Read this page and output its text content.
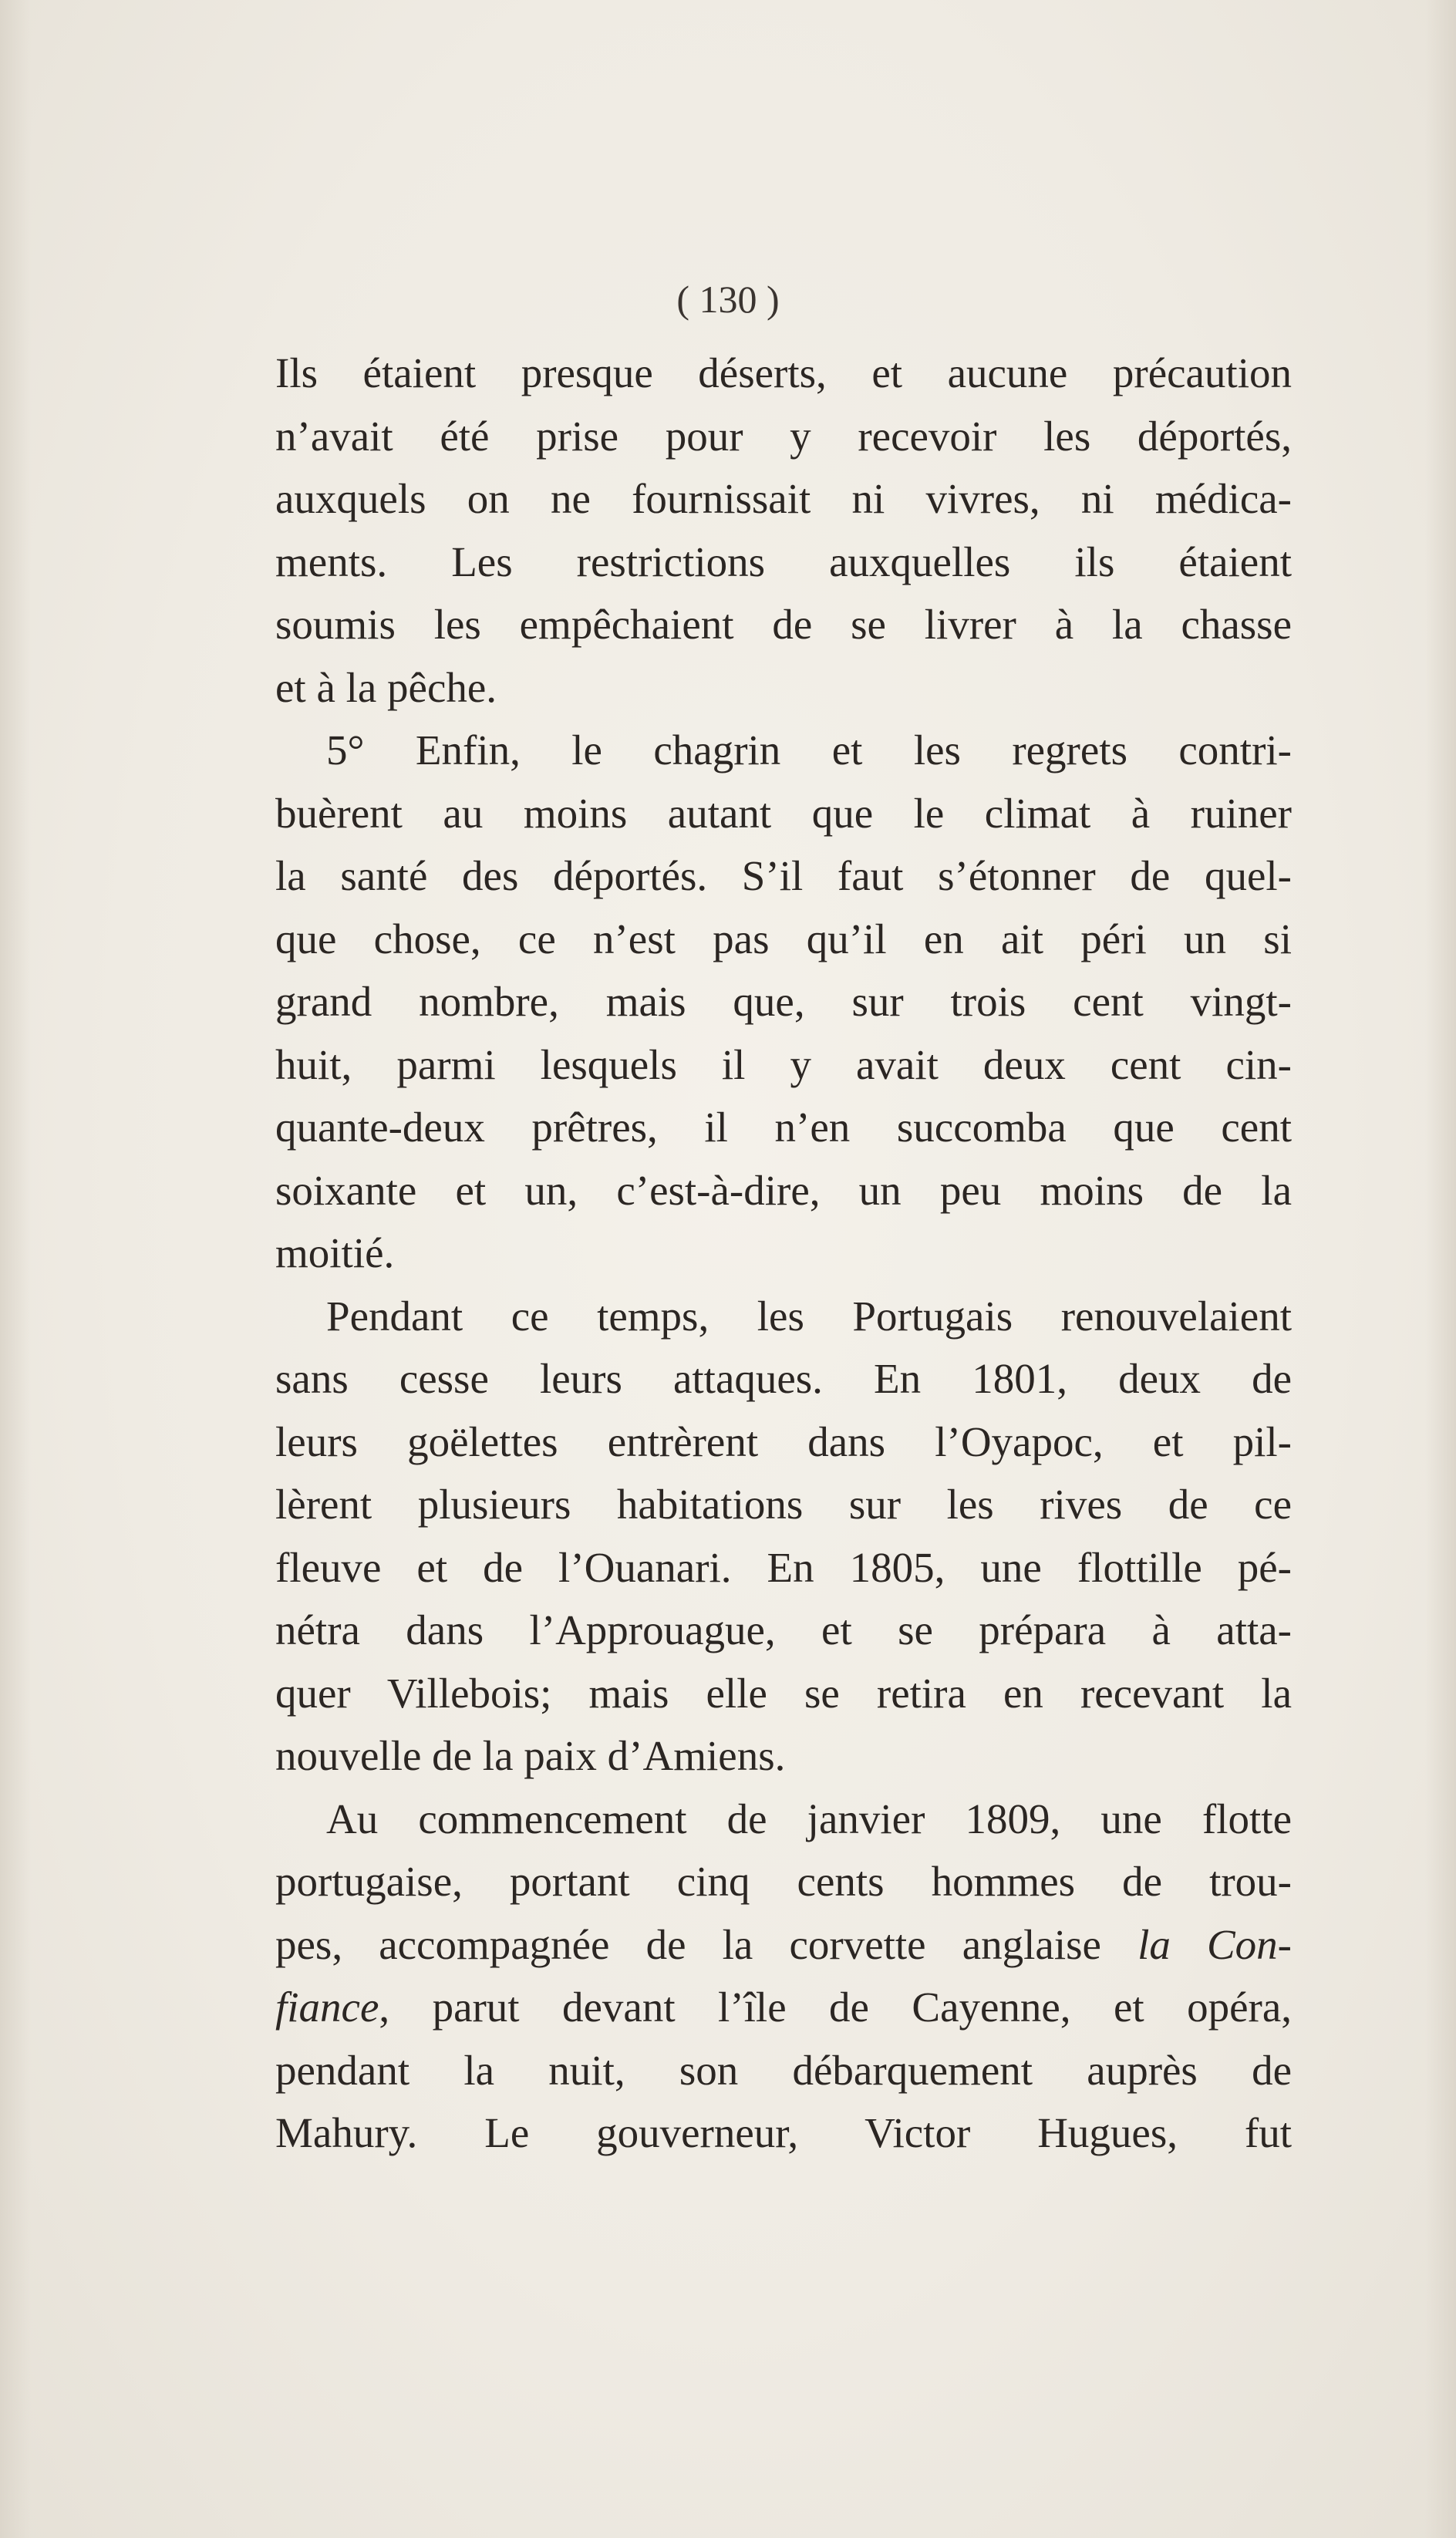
( 130 )
Ils étaient presque déserts, et aucune précaution
n’avait été prise pour y recevoir les déportés,
auxquels on ne fournissait ni vivres, ni médica-
ments. Les restrictions auxquelles ils étaient
soumis les empêchaient de se livrer à la chasse
et à la pêche.
5° Enfin, le chagrin et les regrets contri-
buèrent au moins autant que le climat à ruiner
la santé des déportés. S’il faut s’étonner de quel-
que chose, ce n’est pas qu’il en ait péri un si
grand nombre, mais que, sur trois cent vingt-
huit, parmi lesquels il y avait deux cent cin-
quante-deux prêtres, il n’en succomba que cent
soixante et un, c’est-à-dire, un peu moins de la
moitié.
Pendant ce temps, les Portugais renouvelaient
sans cesse leurs attaques. En 1801, deux de
leurs goëlettes entrèrent dans l’Oyapoc, et pil-
lèrent plusieurs habitations sur les rives de ce
fleuve et de l’Ouanari. En 1805, une flottille pé-
nétra dans l’Approuague, et se prépara à atta-
quer Villebois; mais elle se retira en recevant la
nouvelle de la paix d’Amiens.
Au commencement de janvier 1809, une flotte
portugaise, portant cinq cents hommes de trou-
pes, accompagnée de la corvette anglaise la Con-
fiance, parut devant l’île de Cayenne, et opéra,
pendant la nuit, son débarquement auprès de
Mahury. Le gouverneur, Victor Hugues, fut
